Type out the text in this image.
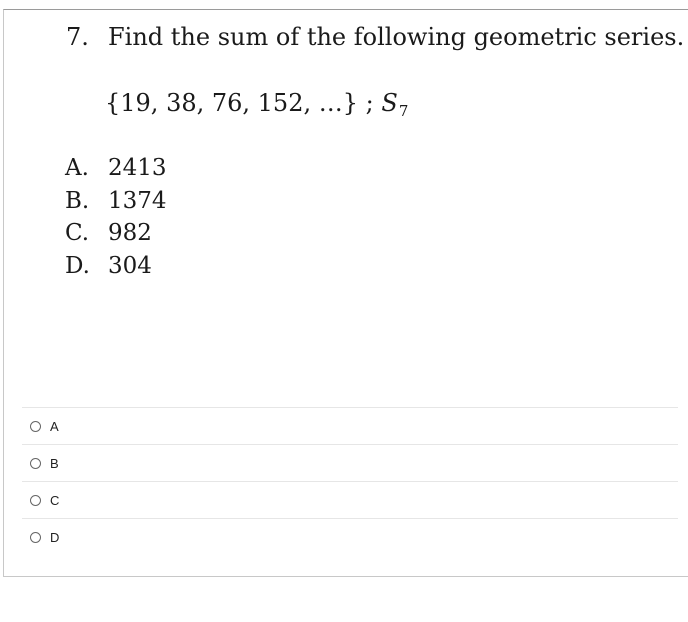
7. Find the sum of the following geometric series.
{19, 38, 76, 152, …} ; $S_7$
A. 2413
B. 1374
C. 982
D. 304
A
B
C
D
